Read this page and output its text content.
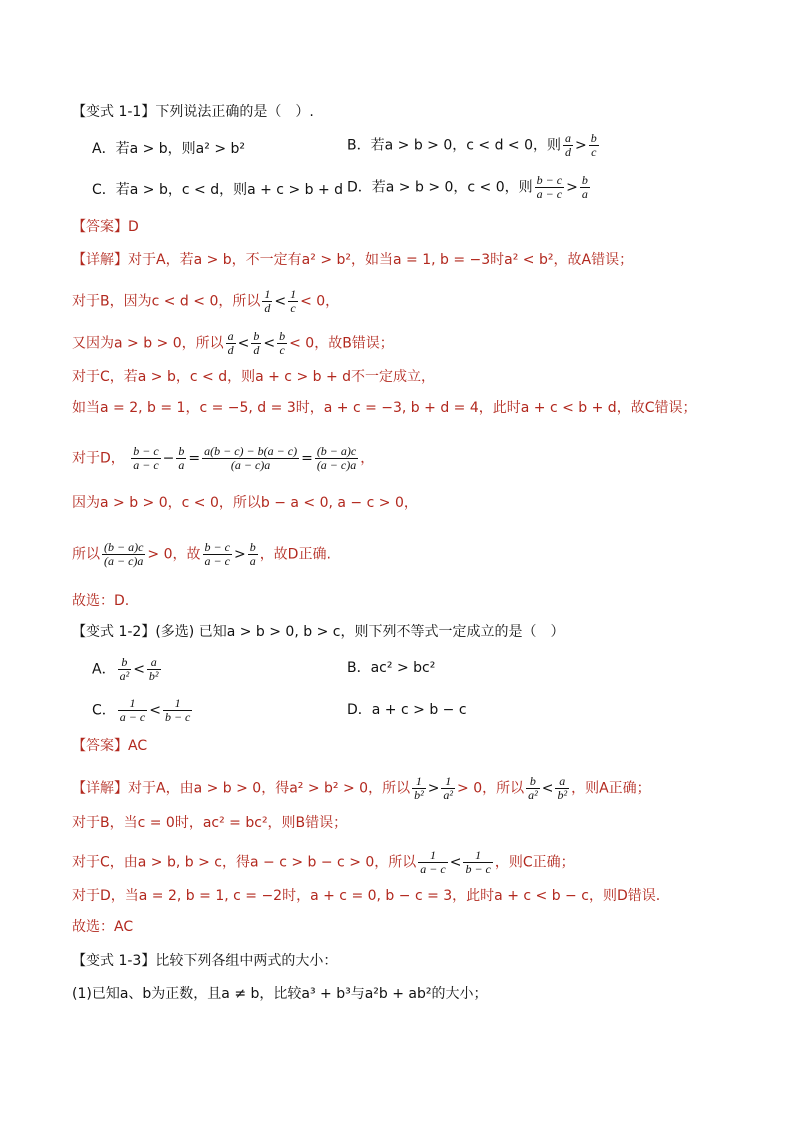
【变式 1-1】下列说法正确的是（　）.
A．若a > b，则a² > b²	B．若a > b > 0，c < d < 0，则 $\frac{a}{d} > \frac{b}{c}$
C．若a > b，c < d，则a + c > b + d D．若a > b > 0，c < 0，则 $\frac{b - c}{a - c} > \frac{b}{a}$
【答案】D
【详解】对于A，若a > b，不一定有a² > b²，如当a = 1, b = −3时a² < b²，故A错误；
对于B，因为c < d < 0，所以 $\frac{1}{d} < \frac{1}{c} < 0$，
又因为a > b > 0，所以 $\frac{a}{d} < \frac{b}{d} < \frac{b}{c} < 0$，故B错误；
对于C，若a > b，c < d，则a + c > b + d不一定成立，
如当a = 2, b = 1，c = −5, d = 3时，a + c = −3, b + d = 4，此时a + c < b + d，故C错误；
对于D， $\frac{b - c}{a - c} - \frac{b}{a} = \frac{a(b - c) - b(a - c)}{(a - c)a} = \frac{(b - a)c}{(a - c)a}$ ，
因为a > b > 0，c < 0，所以b − a < 0, a − c > 0，
所以 $\frac{(b - a)c}{(a - c)a} > 0$，故 $\frac{b - c}{a - c} > \frac{b}{a}$ ，故D正确.
故选：D.
【变式 1-2】(多选) 已知a > b > 0, b > c，则下列不等式一定成立的是（　）
A． $\frac{b}{\text{a²}} < \frac{a}{\text{b²}}$	B．ac² > bc²
C． $\frac{1}{a - c} < \frac{1}{b - c}$	D．a + c > b − c
【答案】AC
【详解】对于A，由a > b > 0，得a² > b² > 0，所以 $\frac{1}{\text{b²}} > \frac{1}{\text{a²}} > 0$，所以 $\frac{b}{\text{a²}} < \frac{a}{\text{b²}}$ ，则A正确；
对于B，当c = 0时，ac² = bc²，则B错误；
对于C，由a > b, b > c，得a − c > b − c > 0，所以 $\frac{1}{a - c} < \frac{1}{b - c}$ ，则C正确；
对于D，当a = 2, b = 1, c = −2时，a + c = 0, b − c = 3，此时a + c < b − c，则D错误.
故选：AC
【变式 1-3】比较下列各组中两式的大小：
(1)已知a、b为正数，且a ≠ b，比较a³ + b³与a²b + ab²的大小；
